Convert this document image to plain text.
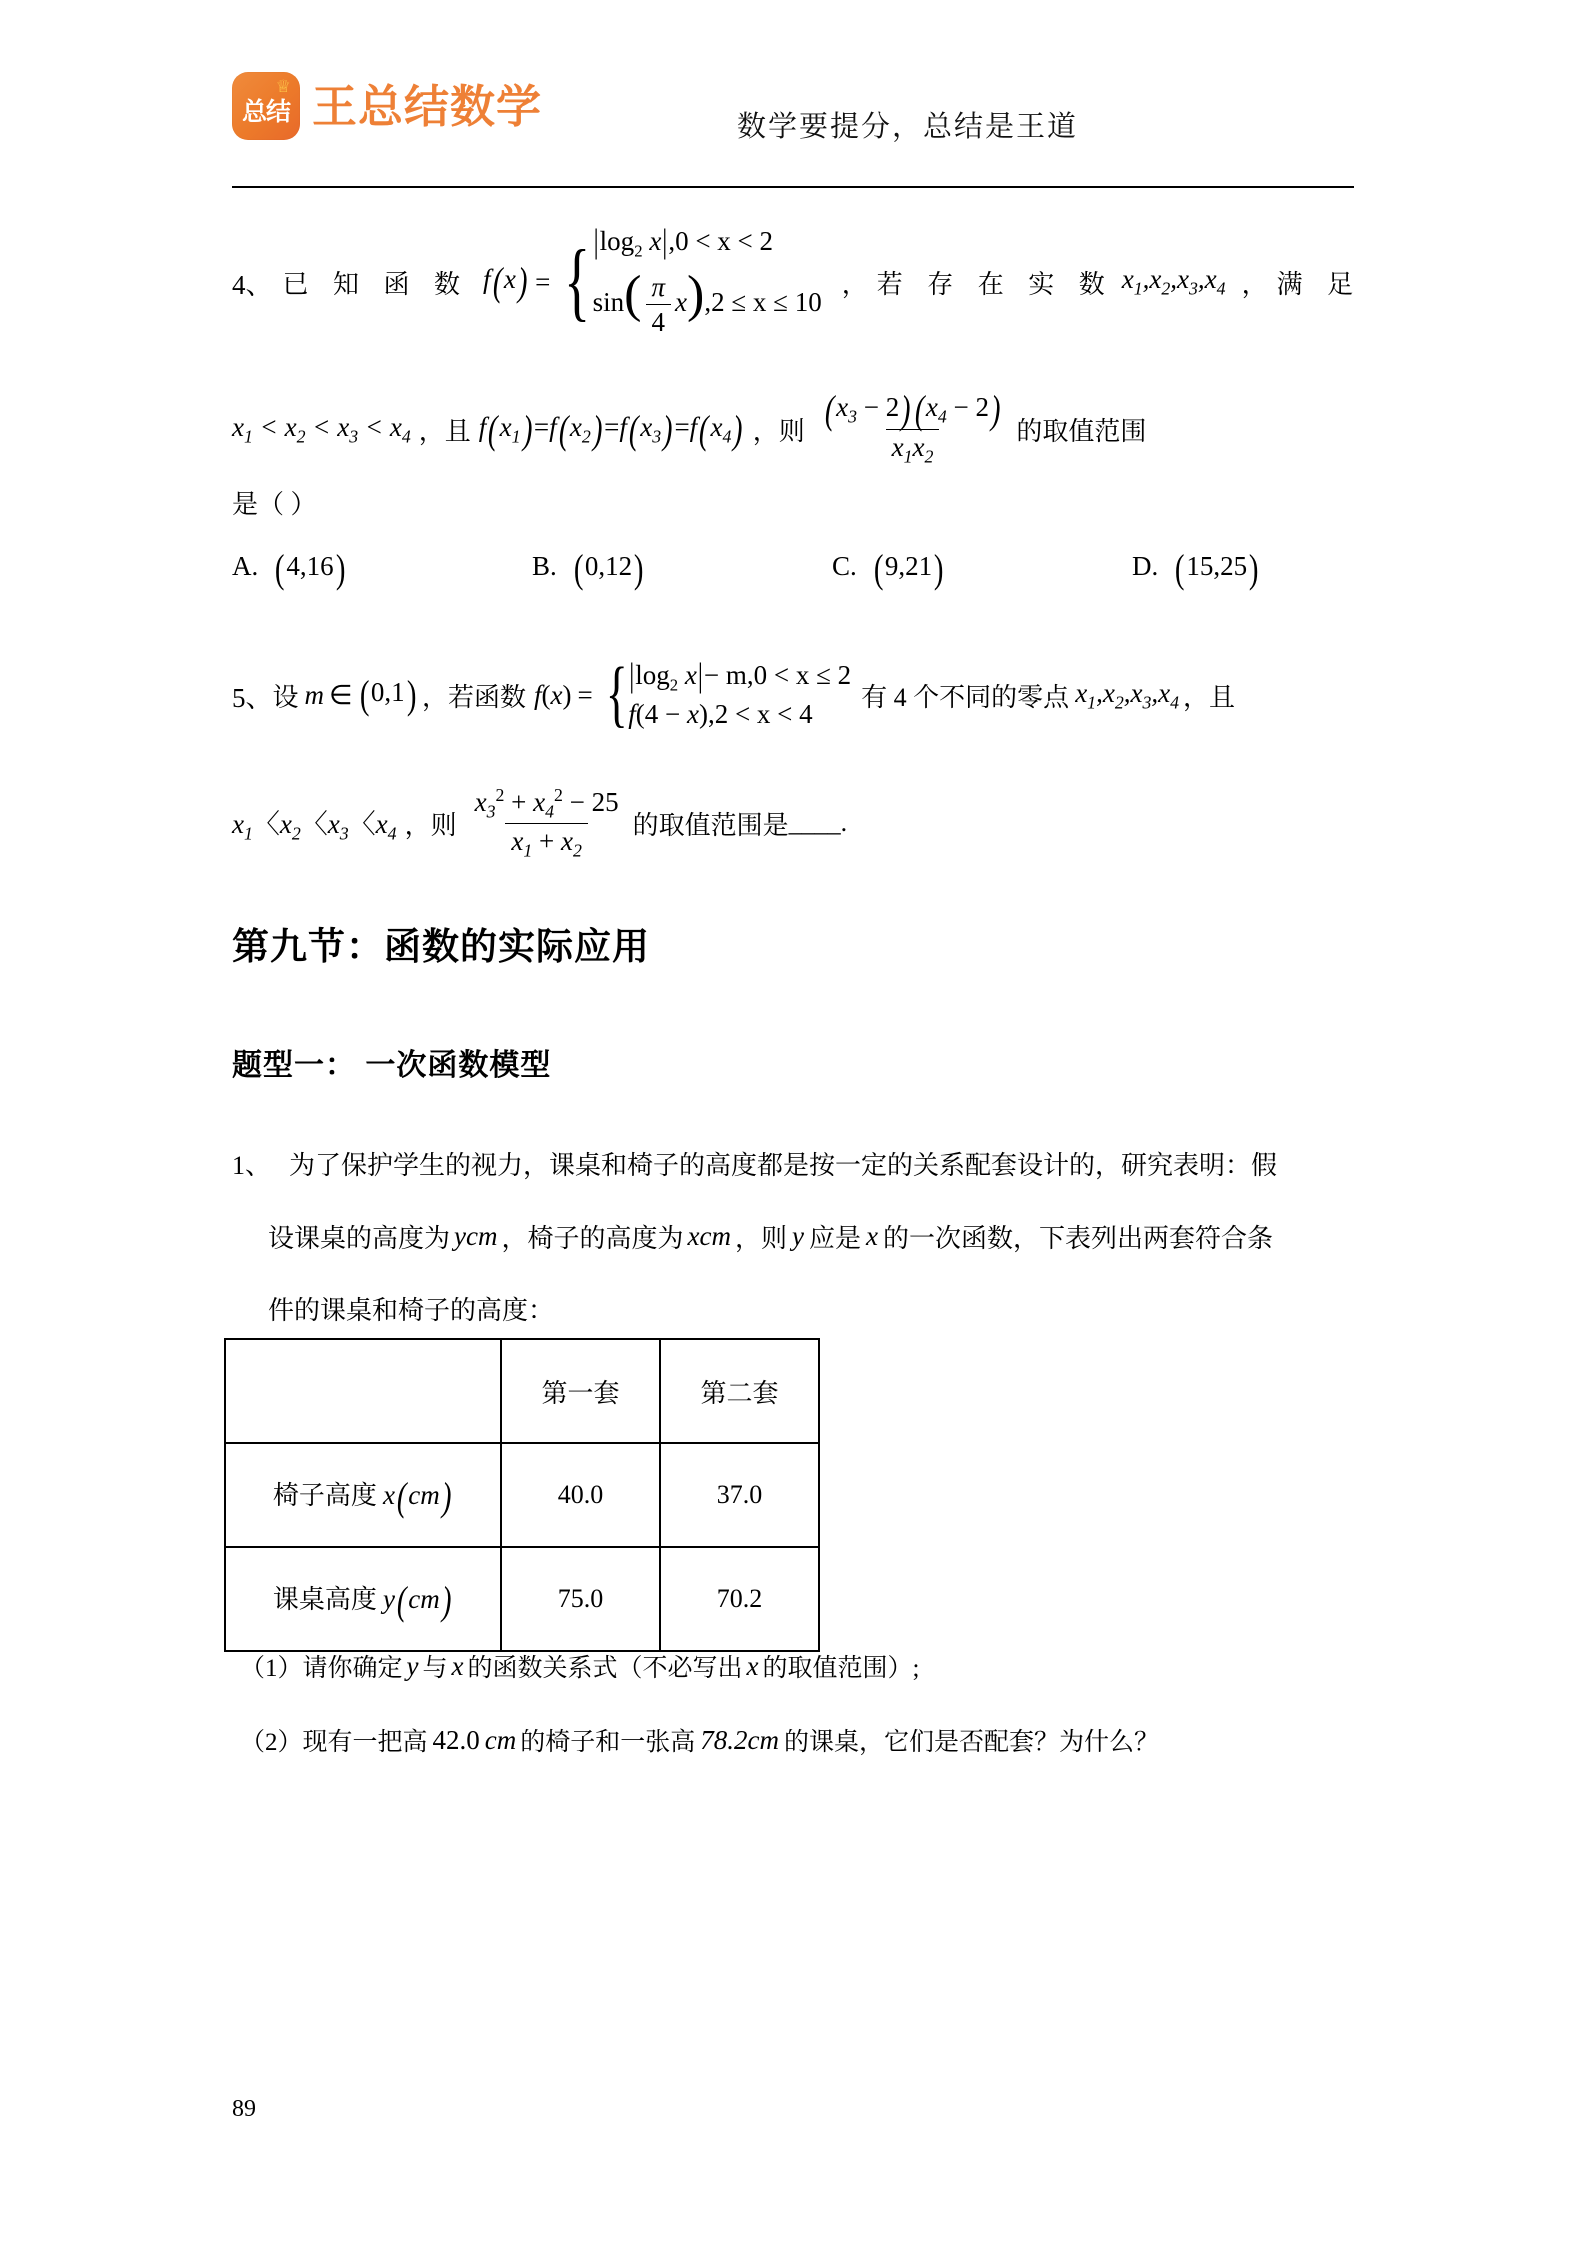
♕
总结 王总结数学	数学要提分，总结是王道
4、 已 知 函 数 f(x) = { $|\log_2$ x|,0 < x < 2
$\sin( \frac{\pi}{4} x),2 \le x \le 10$
，若 存 在 实 数 $x_1,x_2,x_3,x_4$ ，满 足
$x_1 < x_2 < x_3 < x_4$ ，且 $f(x_1)=f(x_2)=f(x_3)=f(x_4)$ ，则 $\frac{(x_3 - 2)(x_4 - 2)}{x_1x_2}$ 的取值范围
是（ ）
A. (4,16)	B. (0,12)	C. (9,21)	D. (15,25)
5、 设 m ∈ (0,1) ，若函数 f(x) = { $|\log_2$ x|− m,0 < x ≤ 2
f(4 − x),2 < x < 4
有 4 个不同的零点 $x_1,x_2,x_3,x_4$ ，且
$x_1$〈$x_2$〈$x_3$〈$x_4$ ，则 $\frac{x_3^2 + x_4^2 - 25}{x_1 + x_2}$ 的取值范围是 ____.
第九节：函数的实际应用
题型一： 一次函数模型
1、 为了保护学生的视力，课桌和椅子的高度都是按一定的关系配套设计的，研究表明：假
设课桌的高度为 ycm ，椅子的高度为 xcm ，则 y 应是 x 的一次函数，下表列出两套符合条
件的课桌和椅子的高度：
	第一套	第二套
椅子高度 x(cm)	40.0	37.0
课桌高度 y(cm)	75.0	70.2
（1）请你确定 y 与 x 的函数关系式（不必写出 x 的取值范围）;
（2）现有一把高 42.0 cm 的椅子和一张高 78.2cm 的课桌，它们是否配套？为什么？
89
